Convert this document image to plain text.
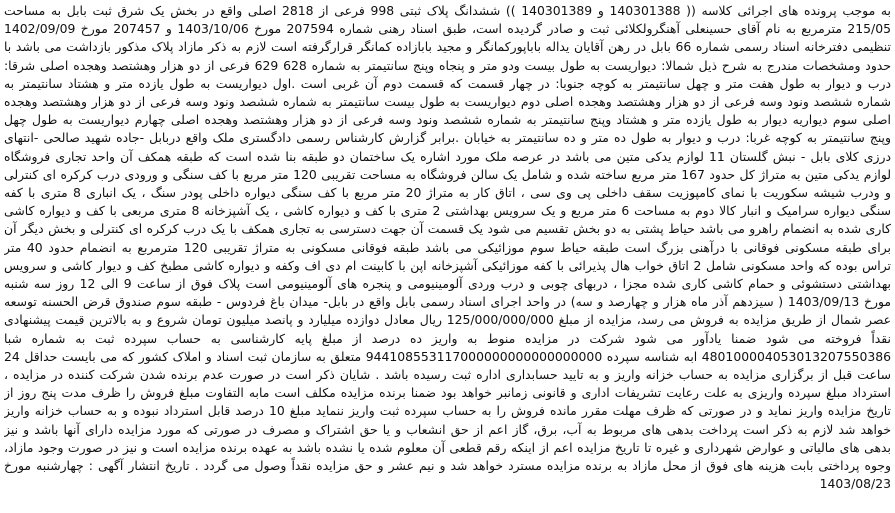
به موجب پرونده های اجرائی کلاسه (( 140301388 و 140301389 )) ششدانگ پلاک ثبتی 998 فرعی از 2818 اصلی واقع در بخش یک شرق ثبت بابل به مساحت 215/05 مترمربع به نام آقای حسینعلی آهنگرولکلائی ثبت و صادر گردیده است، طبق اسناد رهنی شماره 207594 مورخ 1403/10/06 و 207457 مورخ 1402/09/09 تنظیمی دفترخانه اسناد رسمی شماره 66 بابل در رهن آقایان یداله باباپورکمانگر و مجید بابازاده کمانگر قرارگرفته است لازم به ذکر مازاد پلاک مذکور بازداشت می باشد با حدود ومشخصات مندرج به شرح ذیل شمالا: دیواریست به طول بیست ودو متر و پنجاه وپنج سانتیمتر به شماره 628 629 فرعی از دو هزار وهشتصد وهجده اصلی شرقا: درب و دیوار به طول هفت متر و چهل سانتیمتر به کوچه جنوبا: در چهار قسمت که قسمت دوم آن غربی است .اول دیواریست به طول یازده متر و هشتاد سانتیمتر به شماره ششصد ونود وسه فرعی از دو هزار وهشتصد وهجده اصلی دوم دیواریست به طول بیست سانتیمتر به شماره ششصد ونود وسه فرعی از دو هزار وهشتصد وهجده اصلی سوم دیواریه دیوار به طول یازده متر و هشتاد وپنج سانتیمتر به شماره ششصد ونود وسه فرعی از دو هزار وهشتصد وهجده اصلی چهارم دیواریست به طول چهل وپنج سانتیمتر به کوچه غربا: درب و دیوار به طول ده متر و ده سانتیمتر به خیابان .برابر گزارش کارشناس رسمی دادگستری ملک واقع دربابل -جاده شهید صالحی -انتهای درزی کلای بابل - نبش گلستان 11 لوازم یدکی متین می باشد در عرصه ملک مورد اشاره یک ساختمان دو طبقه بنا شده است که طبقه همکف آن واحد تجاری فروشگاه لوازم یدکی متین به متراژ کل حدود 167 متر مربع ساخته شده و شامل یک سالن فروشگاه به مساحت تقریبی 120 متر مربع با کف سنگی و ورودی درب کرکره ای کنترلی و ودرب شیشه سکوریت با نمای کامپوزیت سقف داخلی پی وی سی ، اتاق کار به متراژ 20 متر مربع با کف سنگی دیواره داخلی پودر سنگ ، یک انباری 8 متری با کفه سنگی دیواره سرامیک و انبار کالا دوم به مساحت 6 متر مربع و یک سرویس بهداشتی 2 متری با کف و دیواره کاشی ، یک آشپزخانه 8 متری مربعی با کف و دیواره کاشی کاری شده به انضمام راهرو می باشد حیاط پشتی به دو بخش تقسیم می شود یک قسمت آن جهت دسترسی به تجاری همکف با یک درب کرکره ای کنترلی و بخش دیگر آن برای طبقه مسکونی فوقانی با درآهنی بزرگ است طبقه حیاط سوم موزائیکی می باشد طبقه فوقانی مسکونی به متراژ تقریبی 120 مترمربع به انضمام حدود 40 متر تراس بوده که واحد مسکونی شامل 2 اتاق خواب هال پذیرائی با کفه موزائیکی آشپزخانه اپن با کابینت ام دی اف وکفه و دیواره کاشی مطبخ کف و دیوار کاشی و سرویس بهداشتی دستشوئی و حمام کاشی کاری شده مجزا ، دربهای چوبی و درب وردی آلومینیومی و پنجره های آلومینیومی است پلاک فوق از ساعت 9 الی 12 روز سه شنبه مورخ 1403/09/13 ( سیزدهم آذر ماه هزار و چهارصد و سه) در واحد اجرای اسناد رسمی بابل واقع در بابل- میدان باغ فردوس - طبقه سوم صندوق قرض الحسنه توسعه عصر شمال از طریق مزایده به فروش می رسد، مزایده از مبلغ 125/000/000/000 ريال معادل دوازده میلیارد و پانصد میلیون تومان شروع و به بالاترین قیمت پیشنهادی نقداً فروخته می شود ضمنا یادآور می شود شرکت در مزایده منوط به واریز ده درصد از مبلغ پایه کارشناسی به حساب سپرده ثبت به شماره شبا 480100004053013207550386 ابه شناسه سپرده 944108553117000000000000000000 متعلق به سازمان ثبت اسناد و املاک کشور که می بایست حداقل 24 ساعت قبل از برگزاری مزایده به حساب خزانه واریز و به تایید حسابداری اداره ثبت رسیده باشد . شایان ذکر است در صورت عدم برنده شدن شرکت کننده در مزایده ، استرداد مبلغ سپرده واریزی به علت رعایت تشریفات اداری و قانونی زمانبر خواهد بود ضمنا برنده مزایده مکلف است مابه التفاوت مبلغ فروش را ظرف مدت پنج روز از تاریخ مزایده واریز نماید و در صورتی که ظرف مهلت مقرر مانده فروش را به حساب سپرده ثبت واریز ننماید مبلغ 10 درصد قابل استرداد نبوده و به حساب خزانه واریز خواهد شد لازم به ذکر است پرداخت بدهی های مربوط به آب، برق، گاز اعم از حق انشعاب و یا حق اشتراک و مصرف در صورتی که مورد مزایده دارای آنها باشد و نیز بدهی های مالیاتی و عوارض شهرداری و غیره تا تاریخ مزایده اعم از اینکه رقم قطعی آن معلوم شده یا نشده باشد به عهده برنده مزایده است و نیز در صورت وجود مازاد، وجوه پرداختی بابت هزینه های فوق از محل مازاد به برنده مزایده مسترد خواهد شد و نیم عشر و حق مزایده نقداً وصول می گردد . تاریخ انتشار آگهی : چهارشنبه مورخ 1403/08/23
